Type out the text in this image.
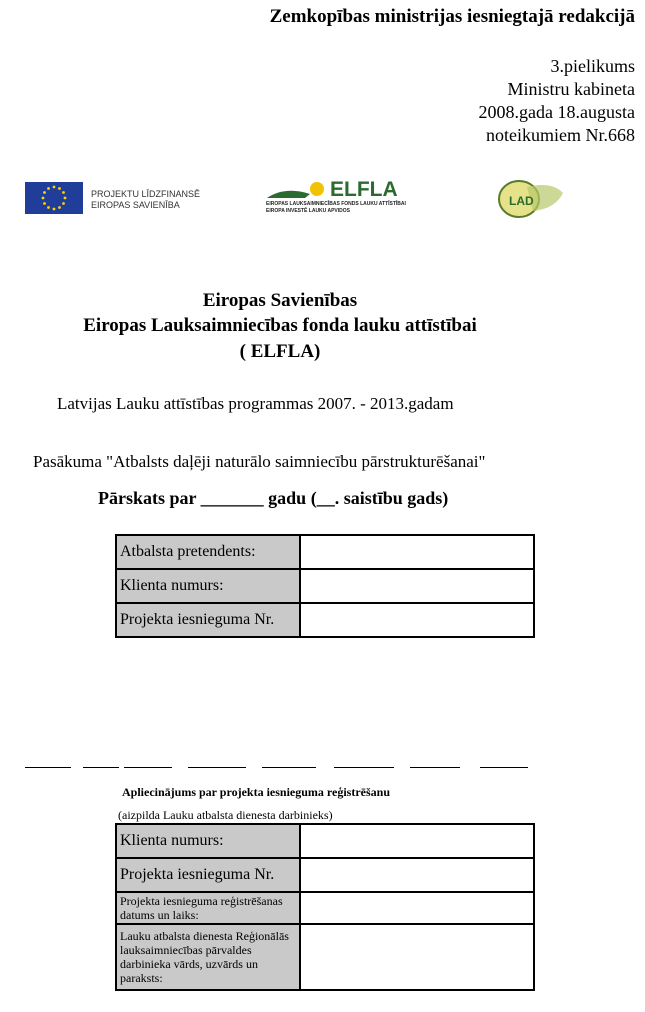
Zemkopības ministrijas iesniegtajā redakcijā
3.pielikums
Ministru kabineta
2008.gada 18.augusta
noteikumiem Nr.668
PROJEKTU LĪDZFINANSĒ
EIROPAS SAVIENĪBA
ELFLA
EIROPAS LAUKSAIMNIECĪBAS FONDS LAUKU ATTĪSTĪBAI
EIROPA INVESTĒ LAUKU APVIDOS
LAD
Eiropas Savienības
Eiropas Lauksaimniecības fonda lauku attīstībai
( ELFLA)
Latvijas Lauku attīstības programmas 2007. - 2013.gadam
Pasākuma "Atbalsts daļēji naturālo saimniecību pārstrukturēšanai"
Pārskats par _______ gadu (__. saistību gads)
Atbalsta pretendents:	
Klienta numurs:	
Projekta iesnieguma Nr.	
Apliecinājums par projekta iesnieguma reģistrēšanu
(aizpilda Lauku atbalsta dienesta darbinieks)
Klienta numurs:	
Projekta iesnieguma Nr.	
Projekta iesnieguma reģistrēšanas datums un laiks:	
Lauku atbalsta dienesta Reģionālās lauksaimniecības pārvaldes darbinieka vārds, uzvārds un paraksts:	
